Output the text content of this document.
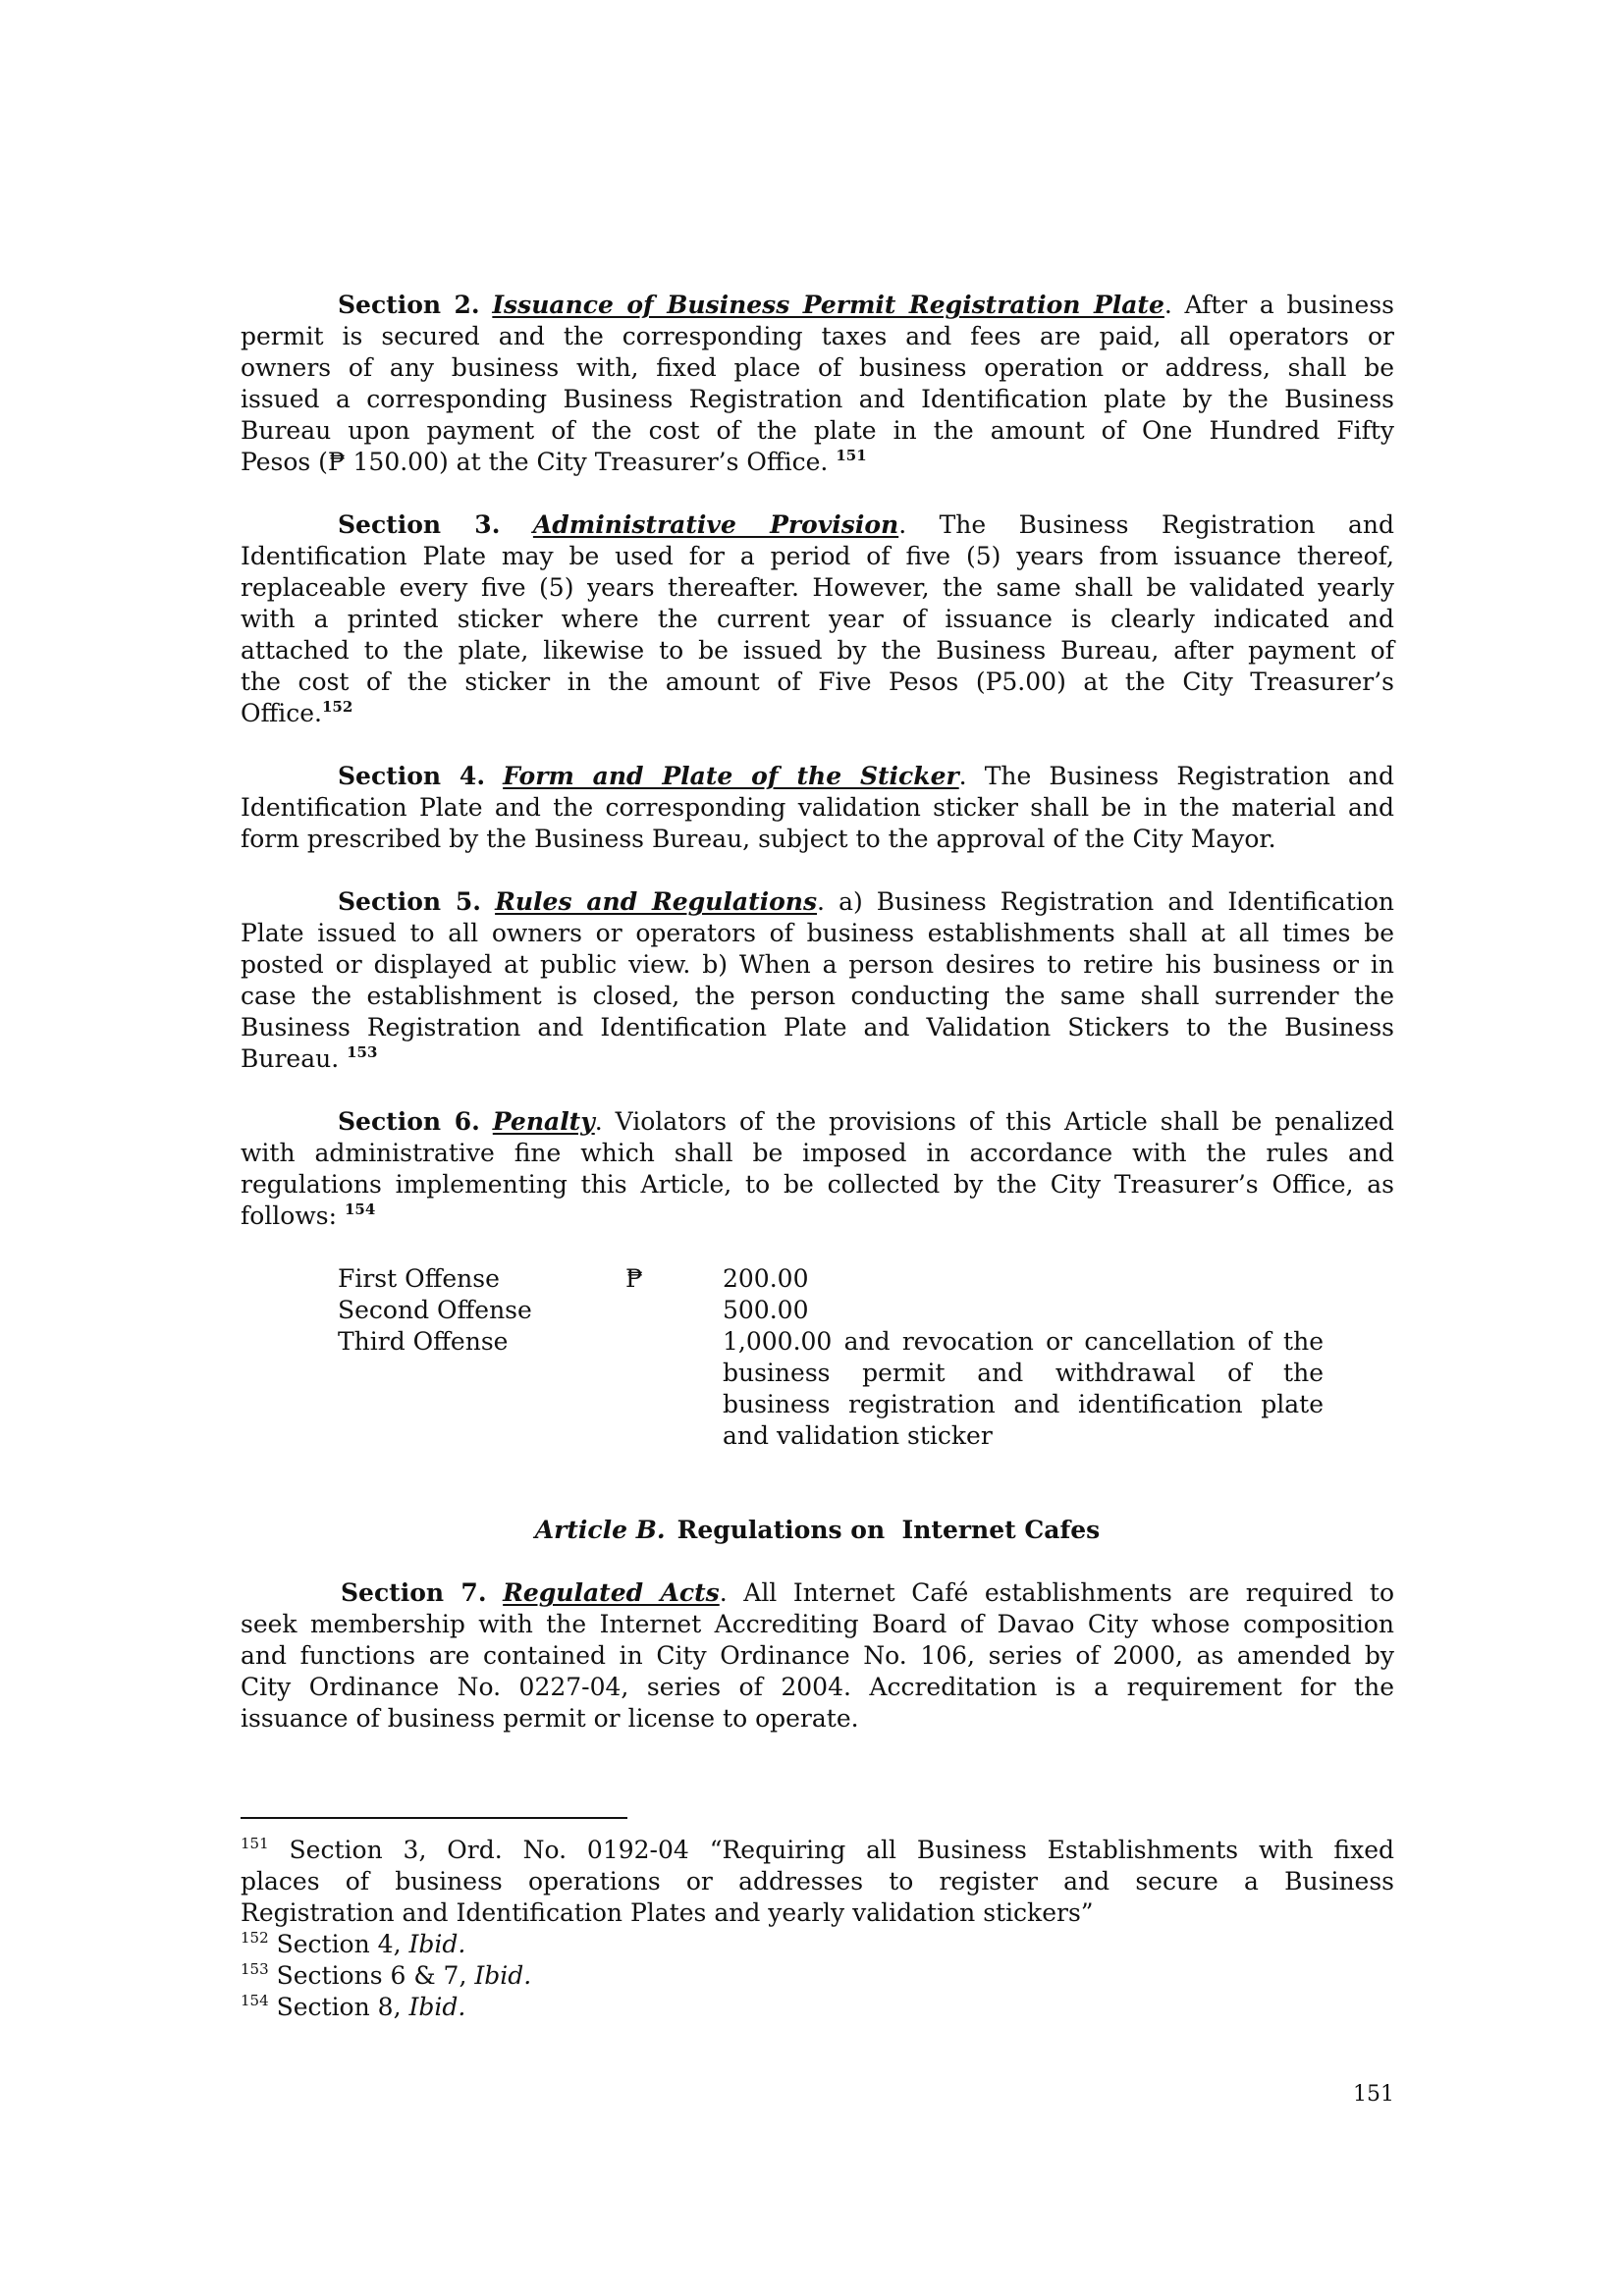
Section 2. Issuance of Business Permit Registration Plate. After a business
permit is secured and the corresponding taxes and fees are paid, all operators or
owners of any business with, fixed place of business operation or address, shall be
issued a corresponding Business Registration and Identification plate by the Business
Bureau upon payment of the cost of the plate in the amount of One Hundred Fifty
Pesos (₱ 150.00) at the City Treasurer’s Office. $^{151}$
Section 3. Administrative Provision. The Business Registration and
Identification Plate may be used for a period of five (5) years from issuance thereof,
replaceable every five (5) years thereafter. However, the same shall be validated yearly
with a printed sticker where the current year of issuance is clearly indicated and
attached to the plate, likewise to be issued by the Business Bureau, after payment of
the cost of the sticker in the amount of Five Pesos (P5.00) at the City Treasurer’s
Office.$^{152}$
Section 4. Form and Plate of the Sticker. The Business Registration and
Identification Plate and the corresponding validation sticker shall be in the material and
form prescribed by the Business Bureau, subject to the approval of the City Mayor.
Section 5. Rules and Regulations. a) Business Registration and Identification
Plate issued to all owners or operators of business establishments shall at all times be
posted or displayed at public view. b) When a person desires to retire his business or in
case the establishment is closed, the person conducting the same shall surrender the
Business Registration and Identification Plate and Validation Stickers to the Business
Bureau. $^{153}$
Section 6. Penalty. Violators of the provisions of this Article shall be penalized
with administrative fine which shall be imposed in accordance with the rules and
regulations implementing this Article, to be collected by the City Treasurer’s Office, as
follows: $^{154}$
First Offense	₱	200.00
Second Offense	500.00
Third Offense	1,000.00 and revocation or cancellation of the
business permit and withdrawal of the
business registration and identification plate
and validation sticker
Article B. Regulations on  Internet Cafes
Section 7. Regulated Acts. All Internet Café establishments are required to
seek membership with the Internet Accrediting Board of Davao City whose composition
and functions are contained in City Ordinance No. 106, series of 2000, as amended by
City Ordinance No. 0227-04, series of 2004. Accreditation is a requirement for the
issuance of business permit or license to operate.
$^{151}$ Section 3, Ord. No. 0192-04 “Requiring all Business Establishments with fixed
places of business operations or addresses to register and secure a Business
Registration and Identification Plates and yearly validation stickers”
$^{152}$ Section 4, Ibid.
$^{153}$ Sections 6 & 7, Ibid.
$^{154}$ Section 8, Ibid.
151
